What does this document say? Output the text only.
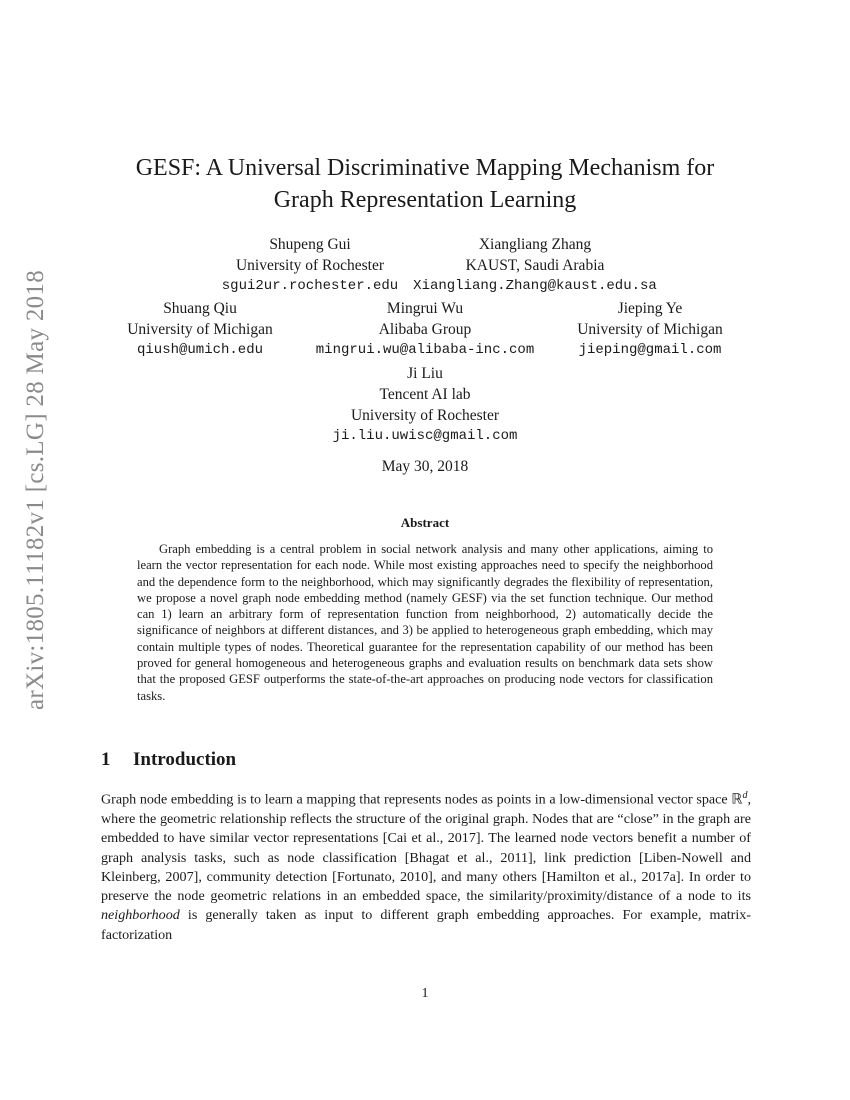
arXiv:1805.11182v1 [cs.LG] 28 May 2018
GESF: A Universal Discriminative Mapping Mechanism for
Graph Representation Learning
Shupeng Gui
University of Rochester
sgui2ur.rochester.edu
Xiangliang Zhang
KAUST, Saudi Arabia
Xiangliang.Zhang@kaust.edu.sa
Shuang Qiu
University of Michigan
qiush@umich.edu
Mingrui Wu
Alibaba Group
mingrui.wu@alibaba-inc.com
Jieping Ye
University of Michigan
jieping@gmail.com
Ji Liu
Tencent AI lab
University of Rochester
ji.liu.uwisc@gmail.com
May 30, 2018
Abstract
Graph embedding is a central problem in social network analysis and many other applications, aiming to learn the vector representation for each node. While most existing approaches need to specify the neighborhood and the dependence form to the neighborhood, which may significantly degrades the flexibility of representation, we propose a novel graph node embedding method (namely GESF) via the set function technique. Our method can 1) learn an arbitrary form of representation function from neighborhood, 2) automatically decide the significance of neighbors at different distances, and 3) be applied to heterogeneous graph embedding, which may contain multiple types of nodes. Theoretical guarantee for the representation capability of our method has been proved for general homogeneous and heterogeneous graphs and evaluation results on benchmark data sets show that the proposed GESF outperforms the state-of-the-art approaches on producing node vectors for classification tasks.
1 Introduction
Graph node embedding is to learn a mapping that represents nodes as points in a low-dimensional vector space ℝ$^d$, where the geometric relationship reflects the structure of the original graph. Nodes that are “close” in the graph are embedded to have similar vector representations [Cai et al., 2017]. The learned node vectors benefit a number of graph analysis tasks, such as node classification [Bhagat et al., 2011], link prediction [Liben-Nowell and Kleinberg, 2007], community detection [Fortunato, 2010], and many others [Hamilton et al., 2017a]. In order to preserve the node geometric relations in an embedded space, the similarity/proximity/distance of a node to its neighborhood is generally taken as input to different graph embedding approaches. For example, matrix-factorization
1
